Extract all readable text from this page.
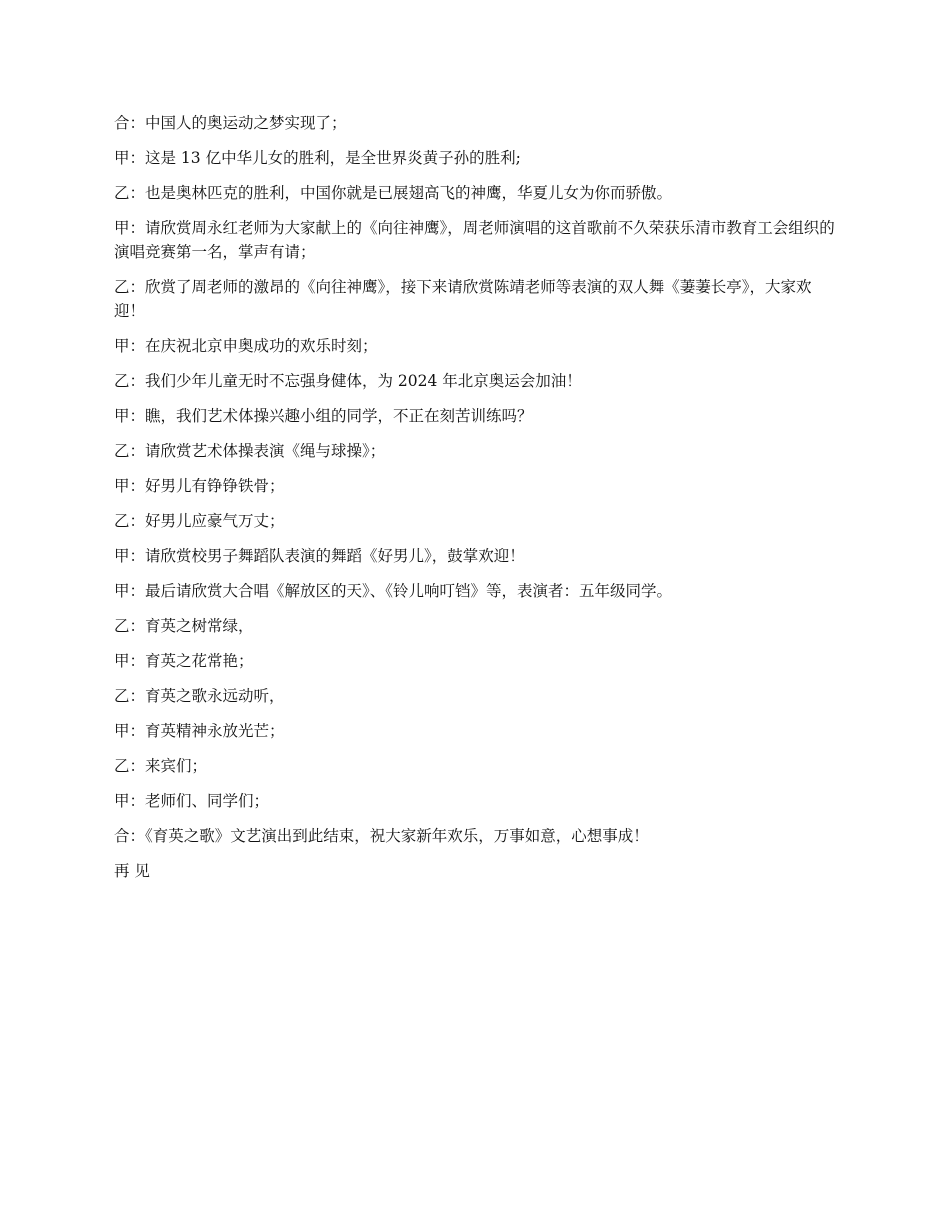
合：中国人的奥运动之梦实现了；

甲：这是 13 亿中华儿女的胜利，是全世界炎黄子孙的胜利;

乙：也是奥林匹克的胜利，中国你就是已展翅高飞的神鹰，华夏儿女为你而骄傲。

甲：请欣赏周永红老师为大家献上的《向往神鹰》，周老师演唱的这首歌前不久荣获乐清市教育工会组织的演唱竞赛第一名，掌声有请；

乙：欣赏了周老师的激昂的《向往神鹰》，接下来请欣赏陈靖老师等表演的双人舞《萋萋长亭》，大家欢迎！

甲：在庆祝北京申奥成功的欢乐时刻；

乙：我们少年儿童无时不忘强身健体，为 2024 年北京奥运会加油！

甲：瞧，我们艺术体操兴趣小组的同学，不正在刻苦训练吗？

乙：请欣赏艺术体操表演《绳与球操》；

甲：好男儿有铮铮铁骨；

乙：好男儿应豪气万丈；

甲：请欣赏校男子舞蹈队表演的舞蹈《好男儿》，鼓掌欢迎！

甲：最后请欣赏大合唱《解放区的天》、《铃儿响叮铛》等，表演者：五年级同学。

乙：育英之树常绿，

甲：育英之花常艳；

乙：育英之歌永远动听，

甲：育英精神永放光芒；

乙：来宾们；

甲：老师们、同学们；

合：《育英之歌》文艺演出到此结束，祝大家新年欢乐，万事如意，心想事成！

再 见
